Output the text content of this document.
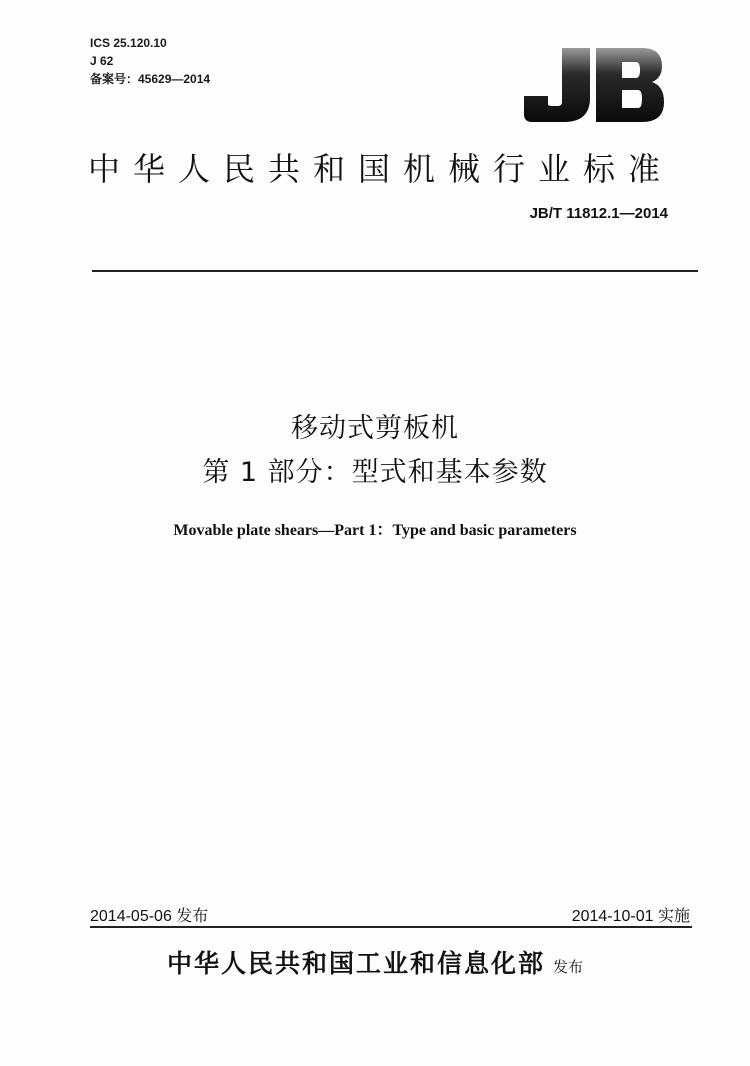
ICS 25.120.10
J 62
备案号：45629—2014
中华人民共和国机械行业标准
JB/T 11812.1—2014
移动式剪板机
第 1 部分：型式和基本参数
Movable plate shears—Part 1：Type and basic parameters
2014-05-06 发布	2014-10-01 实施
中华人民共和国工业和信息化部 发布
